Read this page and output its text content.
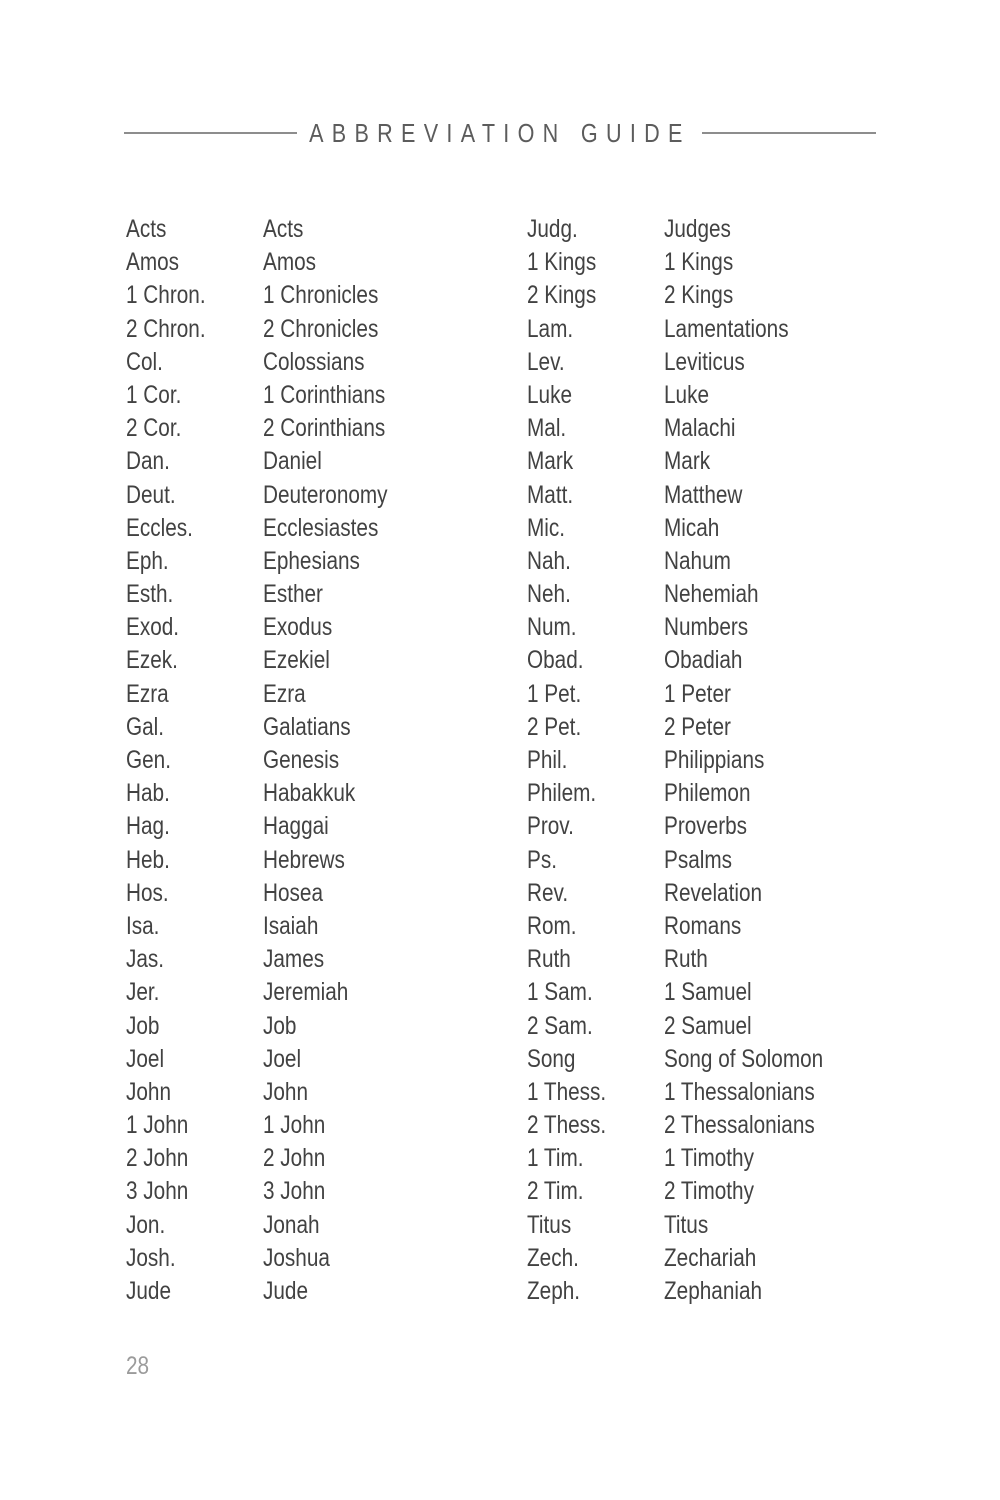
ABBREVIATION GUIDE
Acts	Acts
Amos	Amos
1 Chron.	1 Chronicles
2 Chron.	2 Chronicles
Col.	Colossians
1 Cor.	1 Corinthians
2 Cor.	2 Corinthians
Dan.	Daniel
Deut.	Deuteronomy
Eccles.	Ecclesiastes
Eph.	Ephesians
Esth.	Esther
Exod.	Exodus
Ezek.	Ezekiel
Ezra	Ezra
Gal.	Galatians
Gen.	Genesis
Hab.	Habakkuk
Hag.	Haggai
Heb.	Hebrews
Hos.	Hosea
Isa.	Isaiah
Jas.	James
Jer.	Jeremiah
Job	Job
Joel	Joel
John	John
1 John	1 John
2 John	2 John
3 John	3 John
Jon.	Jonah
Josh.	Joshua
Jude	Jude
Judg.	Judges
1 Kings	1 Kings
2 Kings	2 Kings
Lam.	Lamentations
Lev.	Leviticus
Luke	Luke
Mal.	Malachi
Mark	Mark
Matt.	Matthew
Mic.	Micah
Nah.	Nahum
Neh.	Nehemiah
Num.	Numbers
Obad.	Obadiah
1 Pet.	1 Peter
2 Pet.	2 Peter
Phil.	Philippians
Philem.	Philemon
Prov.	Proverbs
Ps.	Psalms
Rev.	Revelation
Rom.	Romans
Ruth	Ruth
1 Sam.	1 Samuel
2 Sam.	2 Samuel
Song	Song of Solomon
1 Thess.	1 Thessalonians
2 Thess.	2 Thessalonians
1 Tim.	1 Timothy
2 Tim.	2 Timothy
Titus	Titus
Zech.	Zechariah
Zeph.	Zephaniah
28
